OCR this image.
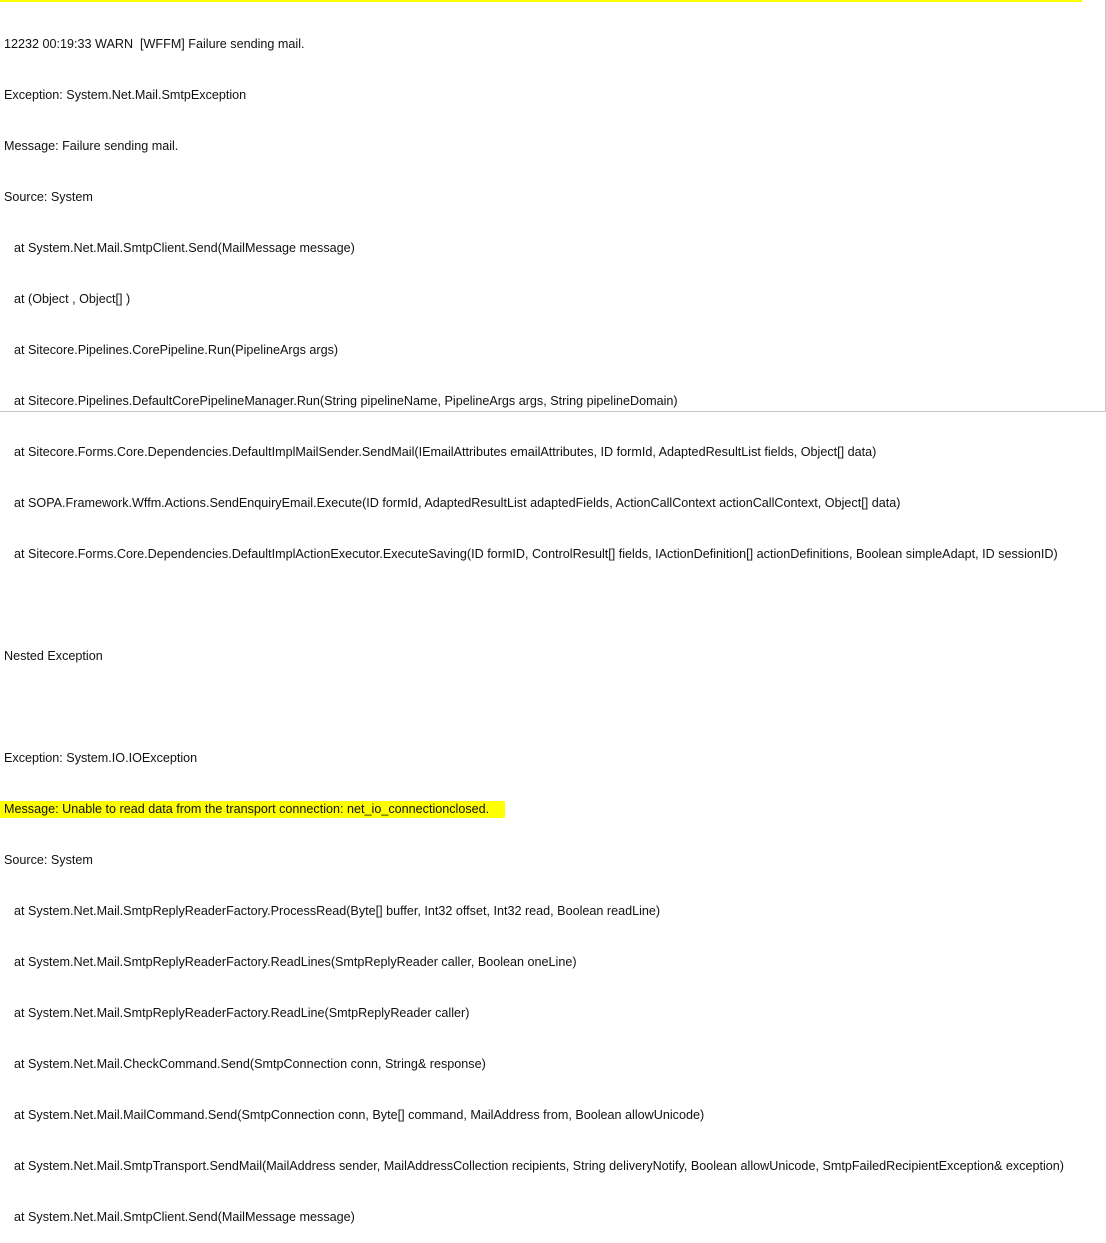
12232 00:19:33 WARN  [WFFM] Failure sending mail.

Exception: System.Net.Mail.SmtpException

Message: Failure sending mail.

Source: System

at System.Net.Mail.SmtpClient.Send(MailMessage message)

at (Object , Object[] )

at Sitecore.Pipelines.CorePipeline.Run(PipelineArgs args)

at Sitecore.Pipelines.DefaultCorePipelineManager.Run(String pipelineName, PipelineArgs args, String pipelineDomain)

at Sitecore.Forms.Core.Dependencies.DefaultImplMailSender.SendMail(IEmailAttributes emailAttributes, ID formId, AdaptedResultList fields, Object[] data)

at SOPA.Framework.Wffm.Actions.SendEnquiryEmail.Execute(ID formId, AdaptedResultList adaptedFields, ActionCallContext actionCallContext, Object[] data)

at Sitecore.Forms.Core.Dependencies.DefaultImplActionExecutor.ExecuteSaving(ID formID, ControlResult[] fields, IActionDefinition[] actionDefinitions, Boolean simpleAdapt, ID sessionID)

Nested Exception

Exception: System.IO.IOException

Message: Unable to read data from the transport connection: net_io_connectionclosed.

Source: System

at System.Net.Mail.SmtpReplyReaderFactory.ProcessRead(Byte[] buffer, Int32 offset, Int32 read, Boolean readLine)

at System.Net.Mail.SmtpReplyReaderFactory.ReadLines(SmtpReplyReader caller, Boolean oneLine)

at System.Net.Mail.SmtpReplyReaderFactory.ReadLine(SmtpReplyReader caller)

at System.Net.Mail.CheckCommand.Send(SmtpConnection conn, String& response)

at System.Net.Mail.MailCommand.Send(SmtpConnection conn, Byte[] command, MailAddress from, Boolean allowUnicode)

at System.Net.Mail.SmtpTransport.SendMail(MailAddress sender, MailAddressCollection recipients, String deliveryNotify, Boolean allowUnicode, SmtpFailedRecipientException& exception)

at System.Net.Mail.SmtpClient.Send(MailMessage message)
